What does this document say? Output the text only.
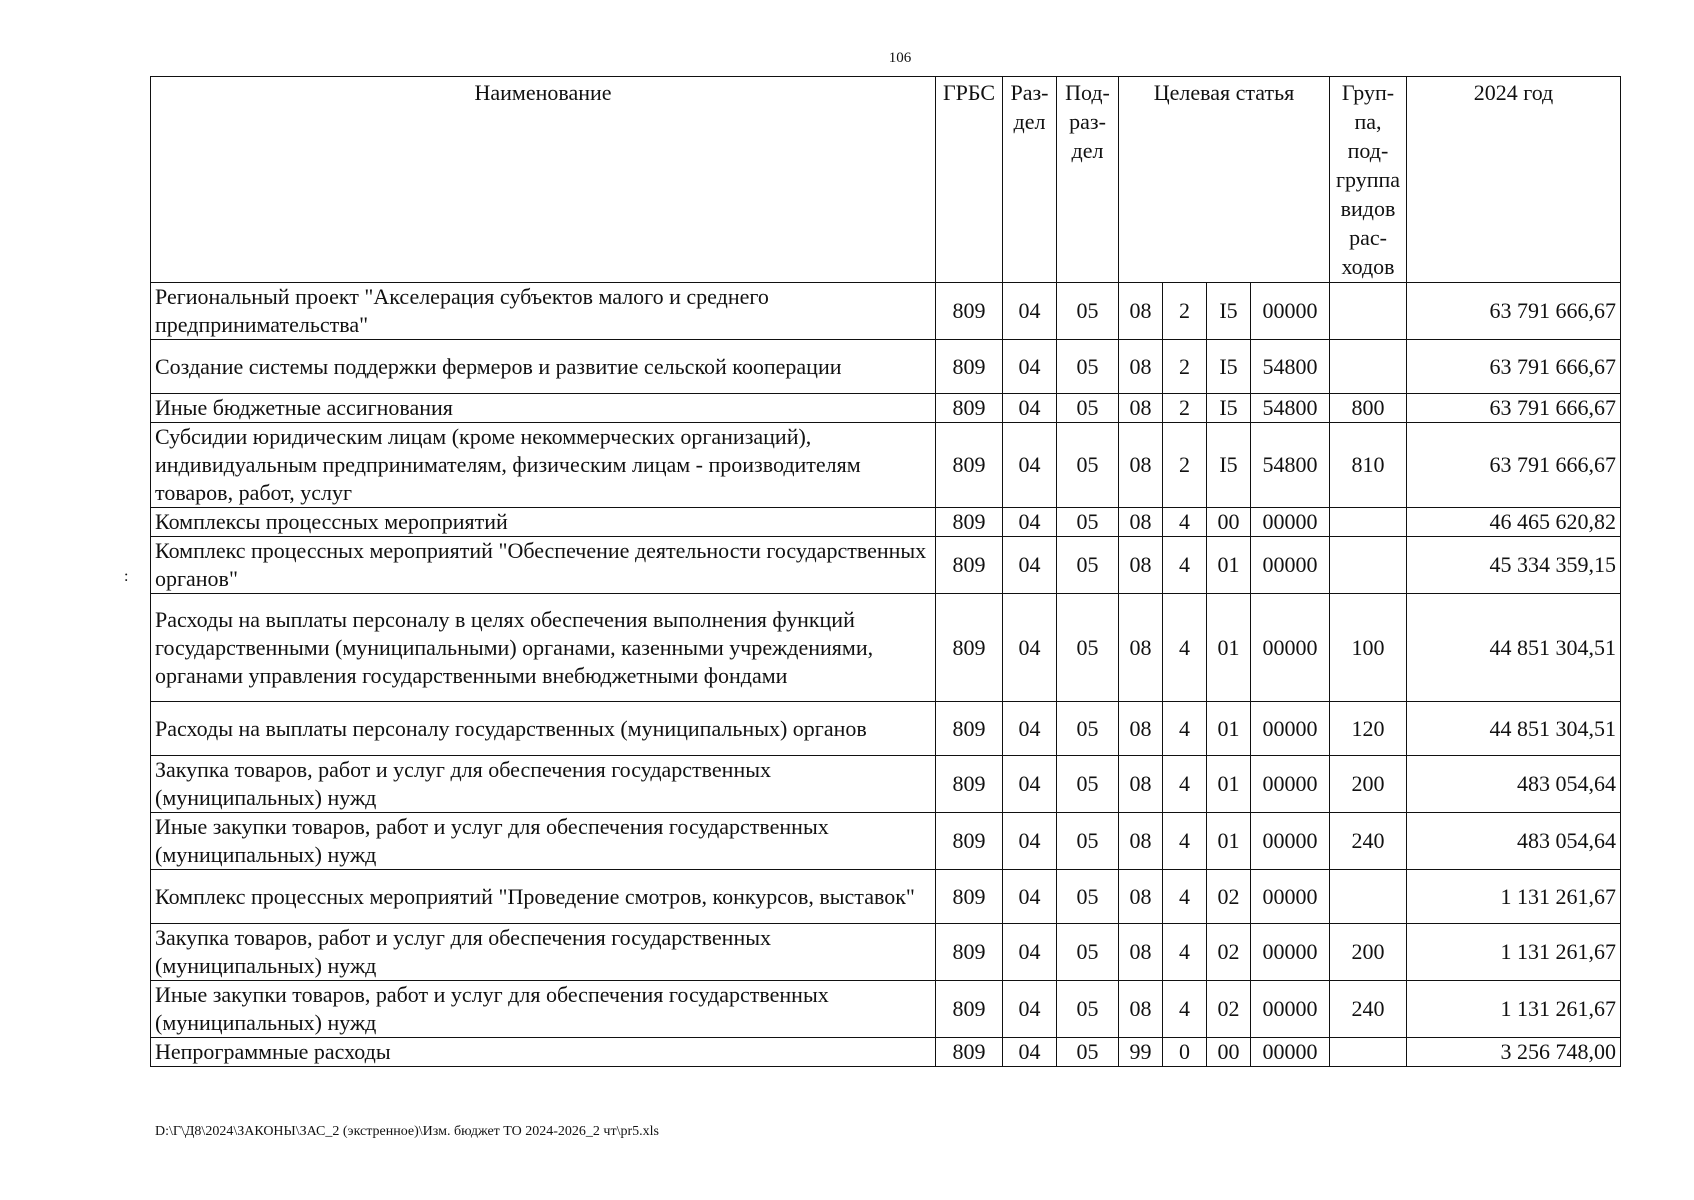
106
:
Наименование	ГРБС	Раз-дел	Под-раз-дел	Целевая статья				Груп-па, под-группа видов рас-ходов	2024 год
Региональный проект "Акселерация субъектов малого и среднего предпринимательства"	809	04	05	08	2	I5	00000		63 791 666,67
Создание системы поддержки фермеров и развитие сельской кооперации	809	04	05	08	2	I5	54800		63 791 666,67
Иные бюджетные ассигнования	809	04	05	08	2	I5	54800	800	63 791 666,67
Субсидии юридическим лицам (кроме некоммерческих организаций), индивидуальным предпринимателям, физическим лицам - производителям товаров, работ, услуг	809	04	05	08	2	I5	54800	810	63 791 666,67
Комплексы процессных мероприятий	809	04	05	08	4	00	00000		46 465 620,82
Комплекс процессных мероприятий "Обеспечение деятельности государственных органов"	809	04	05	08	4	01	00000		45 334 359,15
Расходы на выплаты персоналу в целях обеспечения выполнения функций государственными (муниципальными) органами, казенными учреждениями, органами управления государственными внебюджетными фондами	809	04	05	08	4	01	00000	100	44 851 304,51
Расходы на выплаты персоналу государственных (муниципальных) органов	809	04	05	08	4	01	00000	120	44 851 304,51
Закупка товаров, работ и услуг для обеспечения государственных (муниципальных) нужд	809	04	05	08	4	01	00000	200	483 054,64
Иные закупки товаров, работ и услуг для обеспечения государственных (муниципальных) нужд	809	04	05	08	4	01	00000	240	483 054,64
Комплекс процессных мероприятий "Проведение смотров, конкурсов, выставок"	809	04	05	08	4	02	00000		1 131 261,67
Закупка товаров, работ и услуг для обеспечения государственных (муниципальных) нужд	809	04	05	08	4	02	00000	200	1 131 261,67
Иные закупки товаров, работ и услуг для обеспечения государственных (муниципальных) нужд	809	04	05	08	4	02	00000	240	1 131 261,67
Непрограммные расходы	809	04	05	99	0	00	00000		3 256 748,00
D:\Г\Д8\2024\ЗАКОНЫ\ЗАС_2 (экстренное)\Изм. бюджет ТО 2024-2026_2 чт\pr5.xls
